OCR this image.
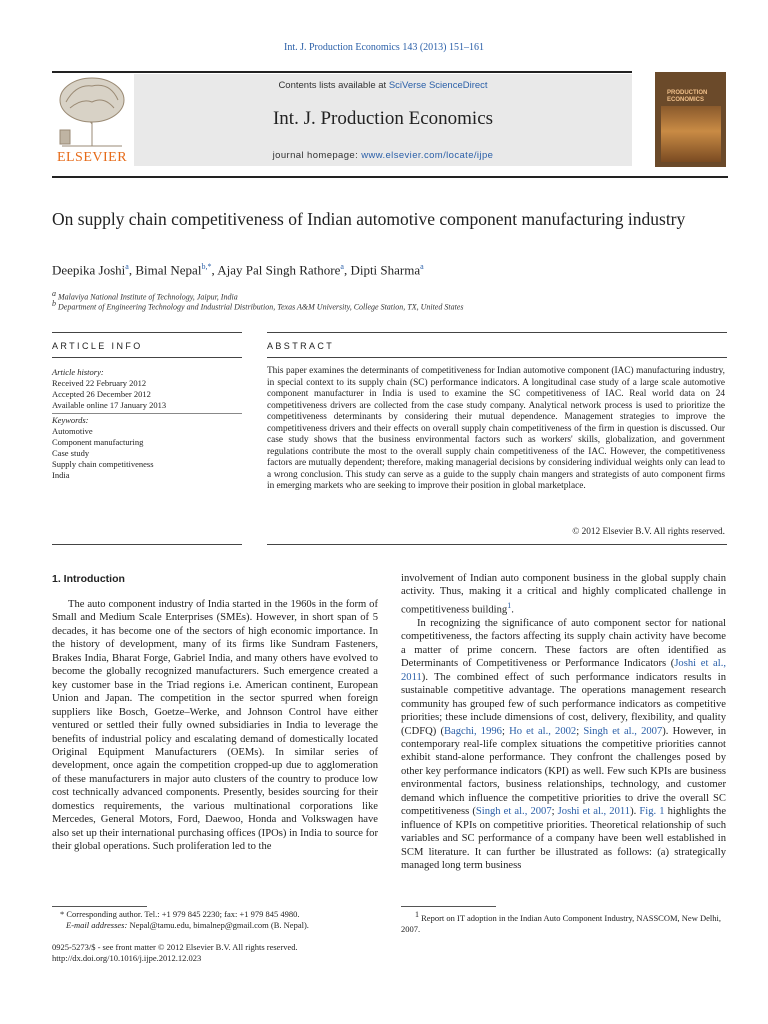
Int. J. Production Economics 143 (2013) 151–161
ELSEVIER
Contents lists available at SciVerse ScienceDirect
Int. J. Production Economics
journal homepage: www.elsevier.com/locate/ijpe
PRODUCTION ECONOMICS
On supply chain competitiveness of Indian automotive component manufacturing industry
Deepika Joshi$^a$, Bimal Nepal$^{b,*}$, Ajay Pal Singh Rathore$^a$, Dipti Sharma$^a$
$^a$ Malaviya National Institute of Technology, Jaipur, India
$^b$ Department of Engineering Technology and Industrial Distribution, Texas A&M University, College Station, TX, United States
ARTICLE INFO	ABSTRACT
Article history:
Received 22 February 2012
Accepted 26 December 2012
Available online 17 January 2013
Keywords:
Automotive
Component manufacturing
Case study
Supply chain competitiveness
India
This paper examines the determinants of competitiveness for Indian automotive component (IAC) manufacturing industry, in special context to its supply chain (SC) performance indicators. A longitudinal case study of a large scale automotive component manufacturer in India is used to examine the SC competitiveness of IAC. Real world data on 24 competitiveness drivers are collected from the case study company. Analytical network process is used to prioritize the competitiveness determinants by considering their mutual dependence. Management strategies to improve the competitiveness drivers and their effects on overall supply chain competitiveness of the firm in question is discussed. Our case study shows that the business environmental factors such as workers' skills, globalization, and government regulations contribute the most to the overall supply chain competitiveness of the IAC. However, the competitiveness factors are mutually dependent; therefore, making managerial decisions by considering individual weights only can lead to a wrong conclusion. This study can serve as a guide to the supply chain mangers and strategists of auto component firms in emerging markets who are seeking to improve their position in global marketplace.
© 2012 Elsevier B.V. All rights reserved.
1. Introduction
The auto component industry of India started in the 1960s in the form of Small and Medium Scale Enterprises (SMEs). However, in short span of 5 decades, it has become one of the sectors of high economic importance. In the history of development, many of its firms like Sundram Fasteners, Brakes India, Bharat Forge, Gabriel India, and many others have evolved to become the globally recognized manufacturers. Such emergence created a key customer base in the Triad regions i.e. American continent, European Union and Japan. The competition in the sector spurred when foreign suppliers like Bosch, Goetze–Werke, and Johnson Control have either ventured or settled their fully owned subsidiaries in India to leverage the benefits of industrial policy and escalating demand of domestically located Original Equipment Manufacturers (OEMs). In similar series of development, once again the competition cropped-up due to agglomeration of these manufacturers in major auto clusters of the country to produce low cost technically advanced components. Presently, besides sourcing for their domestics requirements, the various multinational corporations like Mercedes, General Motors, Ford, Daewoo, Honda and Volkswagen have also set up their international purchasing offices (IPOs) in India to source for their global operations. Such proliferation led to the
involvement of Indian auto component business in the global supply chain activity. Thus, making it a critical and highly complicated challenge in competitiveness building$^1$.
In recognizing the significance of auto component sector for national competitiveness, the factors affecting its supply chain activity have become a matter of prime concern. These factors are often identified as Determinants of Competitiveness or Performance Indicators (Joshi et al., 2011). The combined effect of such performance indicators results in sustainable competitive advantage. The operations management research community has grouped few of such performance indicators as competitive priorities; these include dimensions of cost, delivery, flexibility, and quality (CDFQ) (Bagchi, 1996; Ho et al., 2002; Singh et al., 2007). However, in contemporary real-life complex situations the competitive priorities cannot exhibit stand-alone performance. They confront the challenges posed by other key performance indicators (KPI) as well. Few such KPIs are business environmental factors, business relationships, technology, and customer demand which influence the competitive priorities to drive the overall SC competitiveness (Singh et al., 2007; Joshi et al., 2011). Fig. 1 highlights the influence of KPIs on competitive priorities. Theoretical relationship of such variables and SC performance of a company have been well established in SCM literature. It can further be illustrated as follows: (a) strategically managed long term business
* Corresponding author. Tel.: +1 979 845 2230; fax: +1 979 845 4980.
E-mail addresses: Nepal@tamu.edu, bimalnep@gmail.com (B. Nepal).
$^1$ Report on IT adoption in the Indian Auto Component Industry, NASSCOM, New Delhi, 2007.
0925-5273/$ - see front matter © 2012 Elsevier B.V. All rights reserved.
http://dx.doi.org/10.1016/j.ijpe.2012.12.023
